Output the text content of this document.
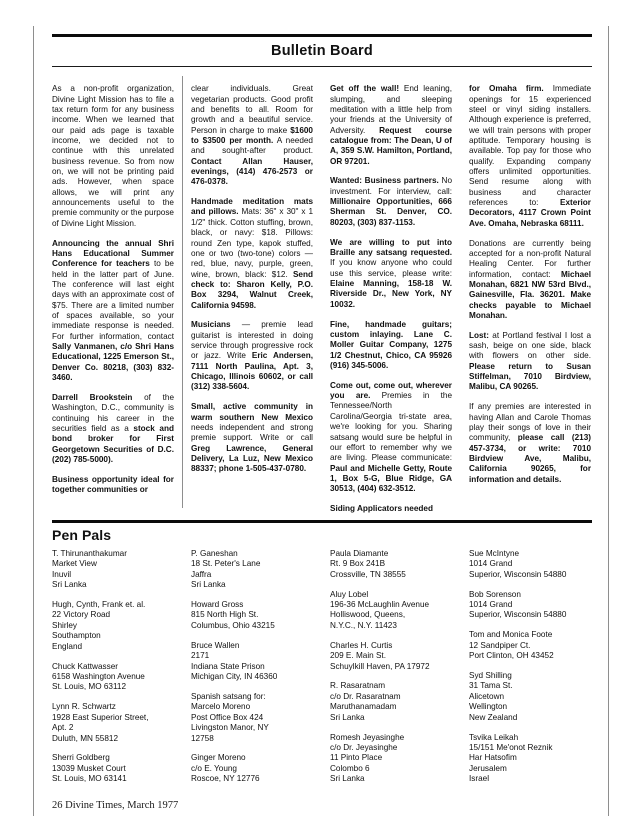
Bulletin Board

As a non-profit organization, Divine Light Mission has to file a tax return form for any business income. When we learned that our paid ads page is taxable income, we decided not to continue with this unrelated business revenue. So from now on, we will not be printing paid ads. However, when space allows, we will print any announcements useful to the premie community or the purpose of Divine Light Mission.

Announcing the annual Shri Hans Educational Summer Conference for teachers to be held in the latter part of June. The conference will last eight days with an approximate cost of $75. There are a limited number of spaces available, so your immediate response is needed. For further information, contact Sally Vanmanen, c/o Shri Hans Educational, 1225 Emerson St., Denver Co. 80218, (303) 832-3460.

Darrell Brookstein of the Washington, D.C., community is continuing his career in the securities field as a stock and bond broker for First Georgetown Securities of D.C. (202) 785-5000).

Business opportunity ideal for together communities or

clear individuals. Great vegetarian products. Good profit and benefits to all. Room for growth and a beautiful service. Person in charge to make $1600 to $3500 per month. A needed and sought-after product. Contact Allan Hauser, evenings, (414) 476-2573 or 476-0378.

Handmade meditation mats and pillows. Mats: 36" x 30" x 1 1/2" thick. Cotton stuffing, brown, black, or navy: $18. Pillows: round Zen type, kapok stuffed, one or two (two-tone) colors — red, blue, navy, purple, green, wine, brown, black: $12. Send check to: Sharon Kelly, P.O. Box 3294, Walnut Creek, California 94598.

Musicians — premie lead guitarist is interested in doing service through progressive rock or jazz. Write Eric Andersen, 7111 North Paulina, Apt. 3, Chicago, Illinois 60602, or call (312) 338-5604.

Small, active community in warm southern New Mexico needs independent and strong premie support. Write or call Greg Lawrence, General Delivery, La Luz, New Mexico 88337; phone 1-505-437-0780.

Get off the wall! End leaning, slumping, and sleeping meditation with a little help from your friends at the University of Adversity. Request course catalogue from: The Dean, U of A, 359 S.W. Hamilton, Portland, OR 97201.

Wanted: Business partners. No investment. For interview, call: Millionaire Opportunities, 666 Sherman St. Denver, CO. 80203, (303) 837-1153.

We are willing to put into Braille any satsang requested. If you know anyone who could use this service, please write: Elaine Manning, 158-18 W. Riverside Dr., New York, NY 10032.

Fine, handmade guitars; custom inlaying. Lane C. Moller Guitar Company, 1275 1/2 Chestnut, Chico, CA 95926 (916) 345-5006.

Come out, come out, wherever you are. Premies in the Tennessee/North Carolina/Georgia tri-state area, we're looking for you. Sharing satsang would sure be helpful in our effort to remember why we are living. Please communicate: Paul and Michelle Getty, Route 1, Box 5-G, Blue Ridge, GA 30513, (404) 632-3512.

Siding Applicators needed

for Omaha firm. Immediate openings for 15 experienced steel or vinyl siding installers. Although experience is preferred, we will train persons with proper aptitude. Temporary housing is available. Top pay for those who qualify. Expanding company offers unlimited opportunities. Send resume along with business and character references to: Exterior Decorators, 4117 Crown Point Ave. Omaha, Nebraska 68111.

Donations are currently being accepted for a non-profit Natural Healing Center. For further information, contact: Michael Monahan, 6821 NW 53rd Blvd., Gainesville, Fla. 36201. Make checks payable to Michael Monahan.

Lost: at Portland festival I lost a sash, beige on one side, black with flowers on other side. Please return to Susan Stiffelman, 7010 Birdview, Malibu, CA 90265.

If any premies are interested in having Allan and Carole Thomas play their songs of love in their community, please call (213) 457-3734, or write: 7010 Birdview Ave, Malibu, California 90265, for information and details.

Pen Pals
T. Thirunanthakumar
Market View
Inuvil
Sri Lanka
Hugh, Cynth, Frank et. al.
22 Victory Road
Shirley
Southampton
England
Chuck Kattwasser
6158 Washington Avenue
St. Louis, MO 63112
Lynn R. Schwartz
1928 East Superior Street,
Apt. 2
Duluth, MN 55812
Sherri Goldberg
13039 Musket Court
St. Louis, MO 63141
P. Ganeshan
18 St. Peter's Lane
Jaffra
Sri Lanka
Howard Gross
815 North High St.
Columbus, Ohio 43215
Bruce Wallen
2171
Indiana State Prison
Michigan City, IN 46360
Spanish satsang for:
Marcelo Moreno
Post Office Box 424
Livingston Manor, NY
12758
Ginger Moreno
c/o E. Young
Roscoe, NY 12776
Paula Diamante
Rt. 9 Box 241B
Crossville, TN 38555
Aluy Lobel
196-36 McLaughlin Avenue
Holliswood, Queens,
N.Y.C., N.Y. 11423
Charles H. Curtis
209 E. Main St.
Schuylkill Haven, PA 17972
R. Rasaratnam
c/o Dr. Rasaratnam
Maruthanamadam
Sri Lanka
Romesh Jeyasinghe
c/o Dr. Jeyasinghe
11 Pinto Place
Colombo 6
Sri Lanka
Sue McIntyne
1014 Grand
Superior, Wisconsin 54880
Bob Sorenson
1014 Grand
Superior, Wisconsin 54880
Tom and Monica Foote
12 Sandpiper Ct.
Port Clinton, OH 43452
Syd Shilling
31 Tama St.
Alicetown
Wellington
New Zealand
Tsvika Leikah
15/151 Me'onot Reznik
Har Hatsofim
Jerusalem
Israel
26 Divine Times, March 1977
